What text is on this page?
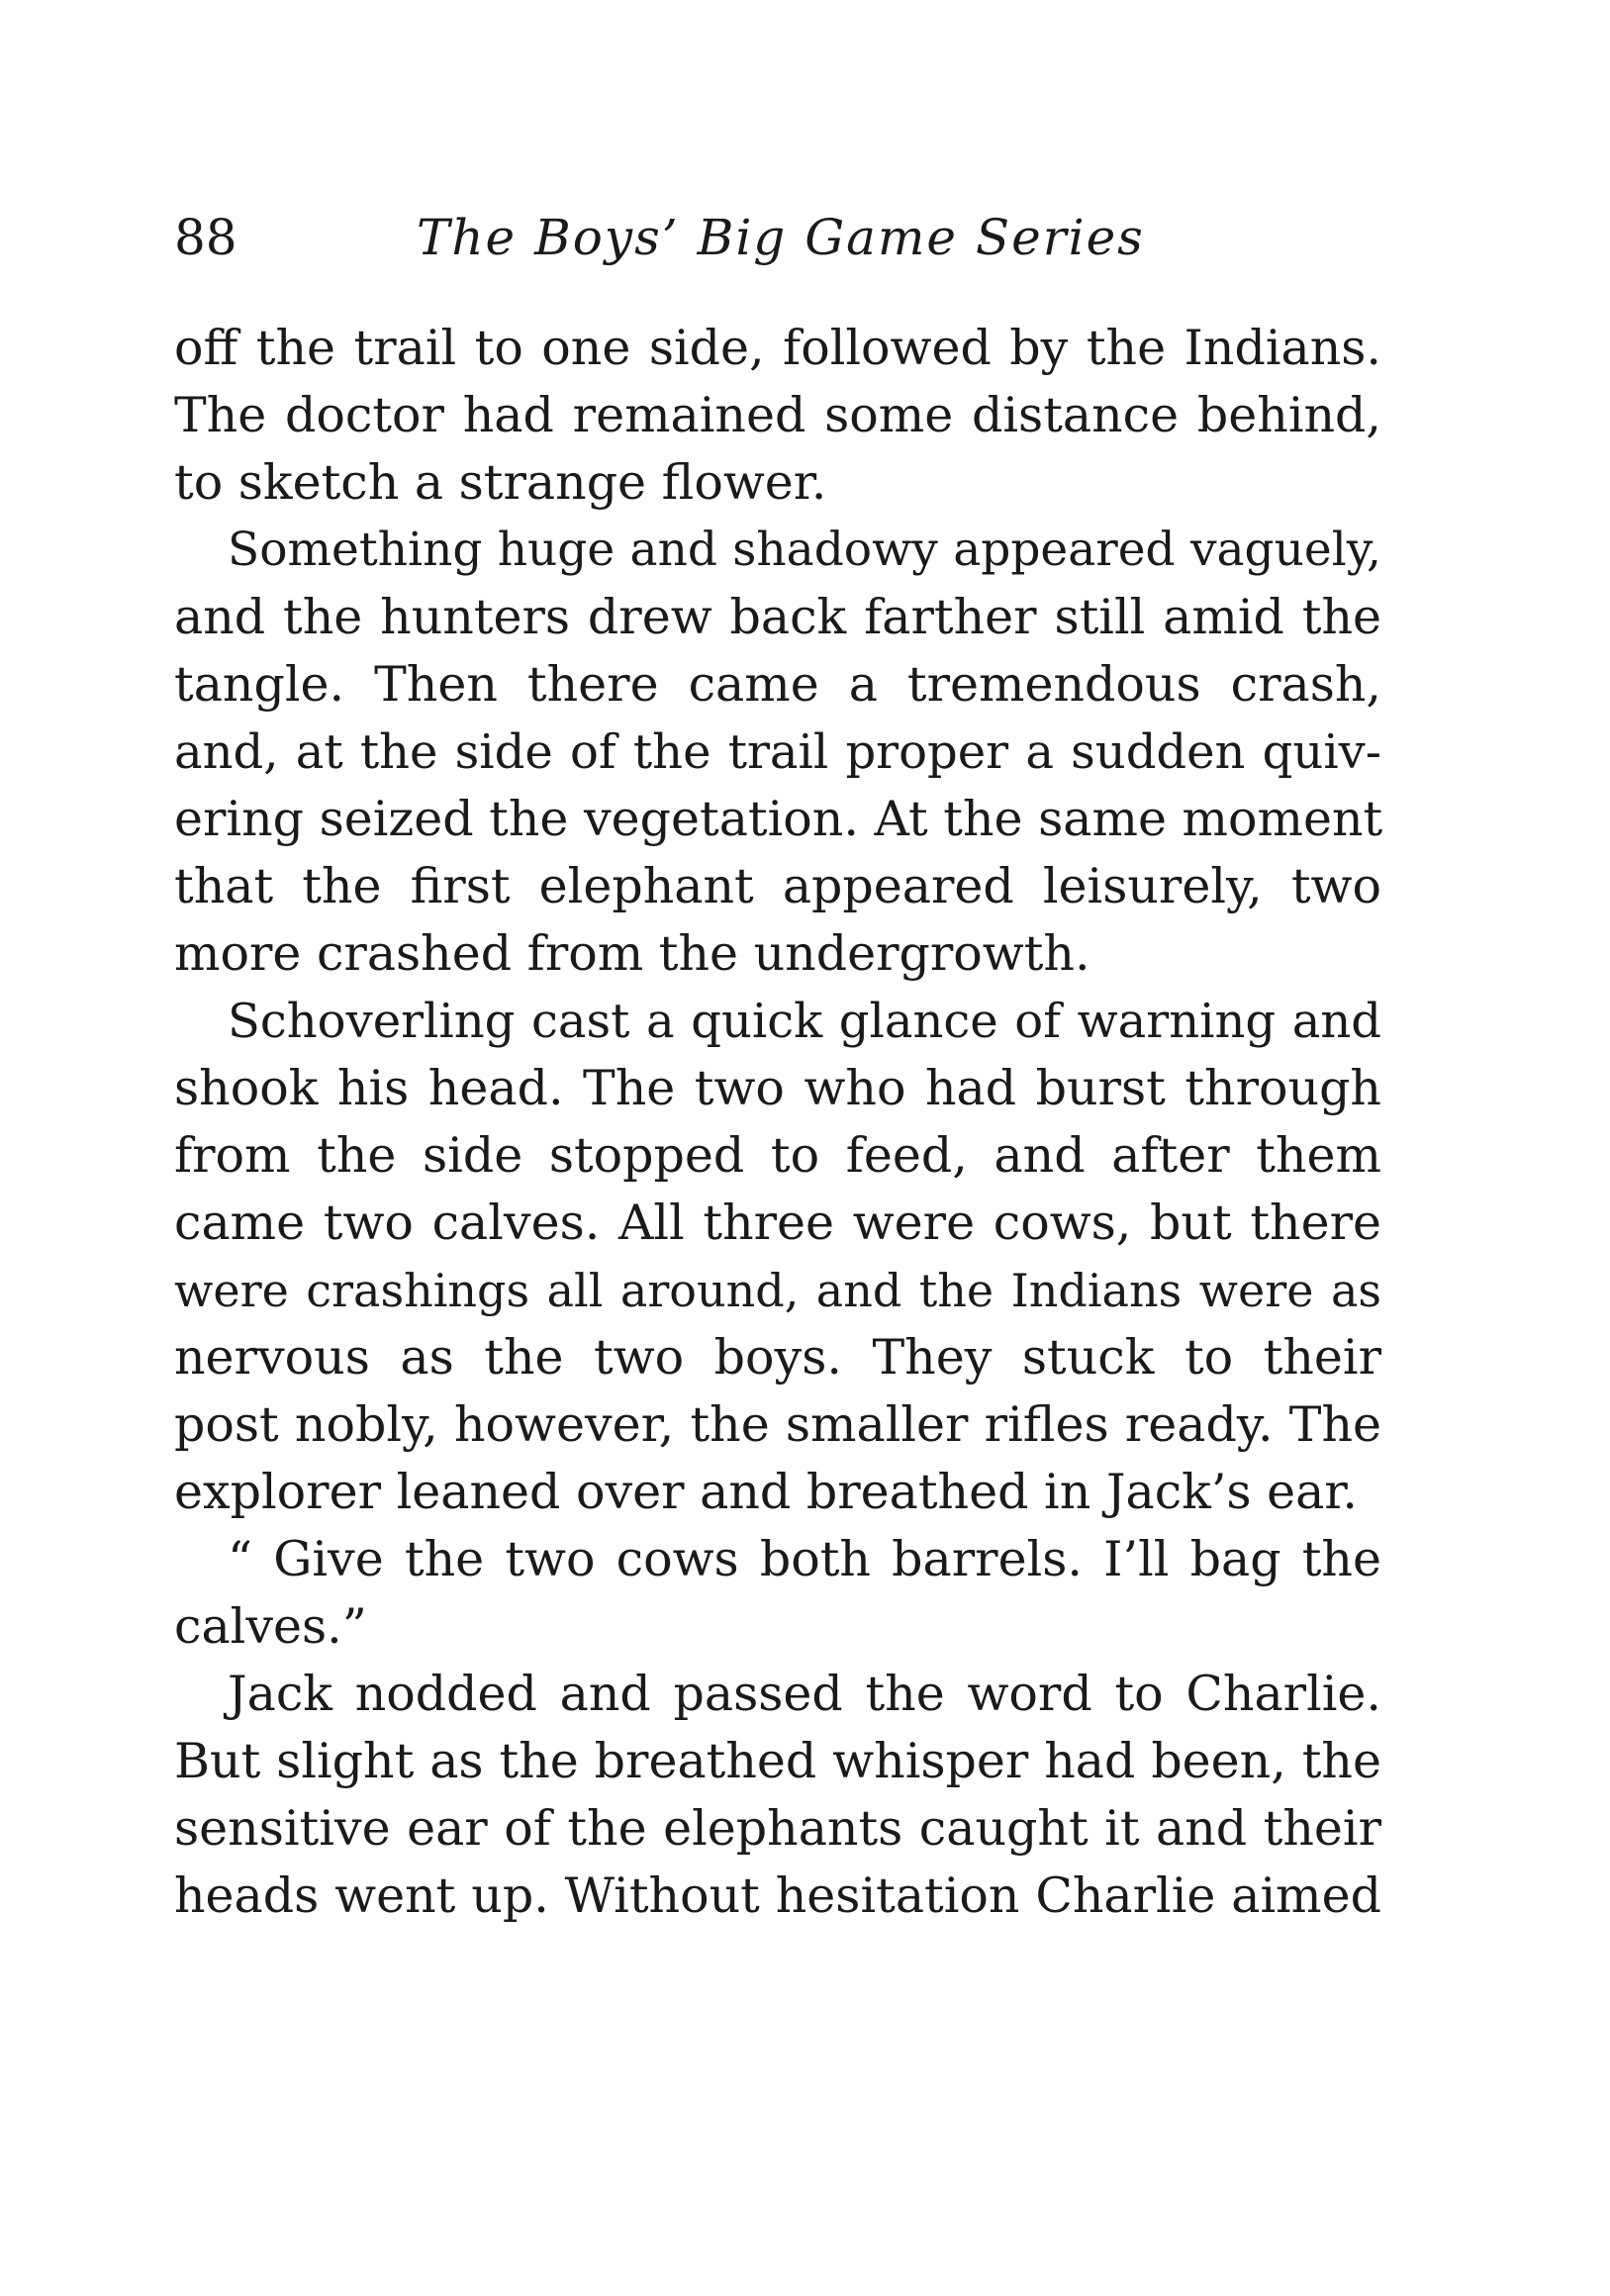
88	The Boys’ Big Game Series
off the trail to one side, followed by the Indians.
The doctor had remained some distance behind,
to sketch a strange flower.
Something huge and shadowy appeared vaguely,
and the hunters drew back farther still amid the
tangle. Then there came a tremendous crash,
and, at the side of the trail proper a sudden quiv-
ering seized the vegetation. At the same moment
that the first elephant appeared leisurely, two
more crashed from the undergrowth.
Schoverling cast a quick glance of warning and
shook his head. The two who had burst through
from the side stopped to feed, and after them
came two calves. All three were cows, but there
were crashings all around, and the Indians were as
nervous as the two boys. They stuck to their
post nobly, however, the smaller rifles ready. The
explorer leaned over and breathed in Jack’s ear.
“ Give the two cows both barrels. I’ll bag the
calves.”
Jack nodded and passed the word to Charlie.
But slight as the breathed whisper had been, the
sensitive ear of the elephants caught it and their
heads went up. Without hesitation Charlie aimed
